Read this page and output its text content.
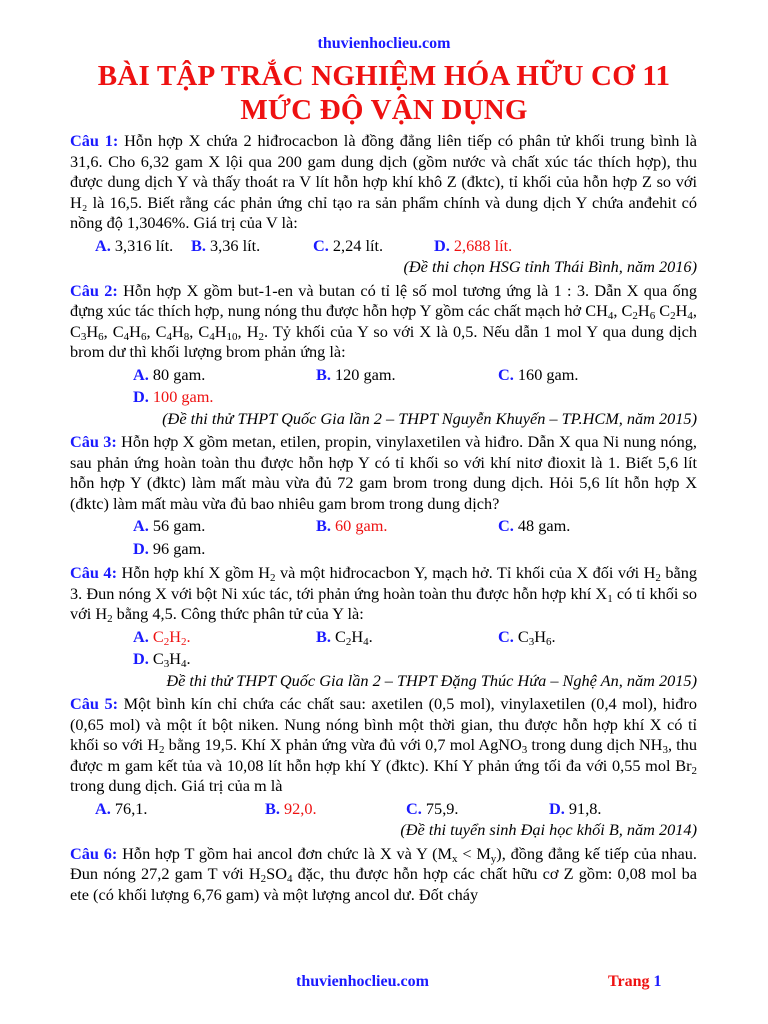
thuvienhoclieu.com
BÀI TẬP TRẮC NGHIỆM HÓA HỮU CƠ 11
MỨC ĐỘ VẬN DỤNG

Câu 1: Hỗn hợp X chứa 2 hiđrocacbon là đồng đẳng liên tiếp có phân tử khối trung bình là 31,6. Cho 6,32 gam X lội qua 200 gam dung dịch (gồm nước và chất xúc tác thích hợp), thu được dung dịch Y và thấy thoát ra V lít hỗn hợp khí khô Z (đktc), tỉ khối của hỗn hợp Z so với H₂ là 16,5. Biết rằng các phản ứng chỉ tạo ra sản phẩm chính và dung dịch Y chứa anđehit có nồng độ 1,3046%. Giá trị của V là:

A. 3,316 lít.	B. 3,36 lít.	C. 2,24 lít.	D. 2,688 lít.

(Đề thi chọn HSG tỉnh Thái Bình, năm 2016)

Câu 2: Hỗn hợp X gồm but-1-en và butan có tỉ lệ số mol tương ứng là 1 : 3. Dẫn X qua ống đựng xúc tác thích hợp, nung nóng thu được hỗn hợp Y gồm các chất mạch hở $CH_4$, $C_2H_6$ $C_2H_4$, $C_3H_6$, $C_4H_6$, $C_4H_8$, $C_4H_{10}$, $H_2$. Tỷ khối của Y so với X là 0,5. Nếu dẫn 1 mol Y qua dung dịch brom dư thì khối lượng brom phản ứng là:

A. 80 gam.	B. 120 gam.	C. 160 gam.
D. 100 gam.

(Đề thi thử THPT Quốc Gia lần 2 – THPT Nguyễn Khuyến – TP.HCM, năm 2015)

Câu 3: Hỗn hợp X gồm metan, etilen, propin, vinylaxetilen và hiđro. Dẫn X qua Ni nung nóng, sau phản ứng hoàn toàn thu được hỗn hợp Y có tỉ khối so với khí nitơ đioxit là 1. Biết 5,6 lít hỗn hợp Y (đktc) làm mất màu vừa đủ 72 gam brom trong dung dịch. Hỏi 5,6 lít hỗn hợp X (đktc) làm mất màu vừa đủ bao nhiêu gam brom trong dung dịch?

A. 56 gam.	B. 60 gam.	C. 48 gam.
D. 96 gam.

Câu 4: Hỗn hợp khí X gồm $H_2$ và một hiđrocacbon Y, mạch hở. Tỉ khối của X đối với $H_2$ bằng 3. Đun nóng X với bột Ni xúc tác, tới phản ứng hoàn toàn thu được hỗn hợp khí $X_1$ có tỉ khối so với $H_2$ bằng 4,5. Công thức phân tử của Y là:

A. $C_2H_2$.	B. $C_2H_4$.	C. $C_3H_6$.
D. $C_3H_4$.

Đề thi thử THPT Quốc Gia lần 2 – THPT Đặng Thúc Hứa – Nghệ An, năm 2015)

Câu 5: Một bình kín chỉ chứa các chất sau: axetilen (0,5 mol), vinylaxetilen (0,4 mol), hiđro (0,65 mol) và một ít bột niken. Nung nóng bình một thời gian, thu được hỗn hợp khí X có tỉ khối so với $H_2$ bằng 19,5. Khí X phản ứng vừa đủ với 0,7 mol AgNO$_3$ trong dung dịch $NH_3$, thu được m gam kết tủa và 10,08 lít hỗn hợp khí Y (đktc). Khí Y phản ứng tối đa với 0,55 mol $Br_2$ trong dung dịch. Giá trị của m là

A. 76,1.	B. 92,0.	C. 75,9.	D. 91,8.

(Đề thi tuyển sinh Đại học khối B, năm 2014)

Câu 6: Hỗn hợp T gồm hai ancol đơn chức là X và Y $(M_x < M_y)$, đồng đẳng kế tiếp của nhau. Đun nóng 27,2 gam T với $H_2SO_4$ đặc, thu được hỗn hợp các chất hữu cơ Z gồm: 0,08 mol ba ete (có khối lượng 6,76 gam) và một lượng ancol dư. Đốt cháy

thuvienhoclieu.com	Trang 1
